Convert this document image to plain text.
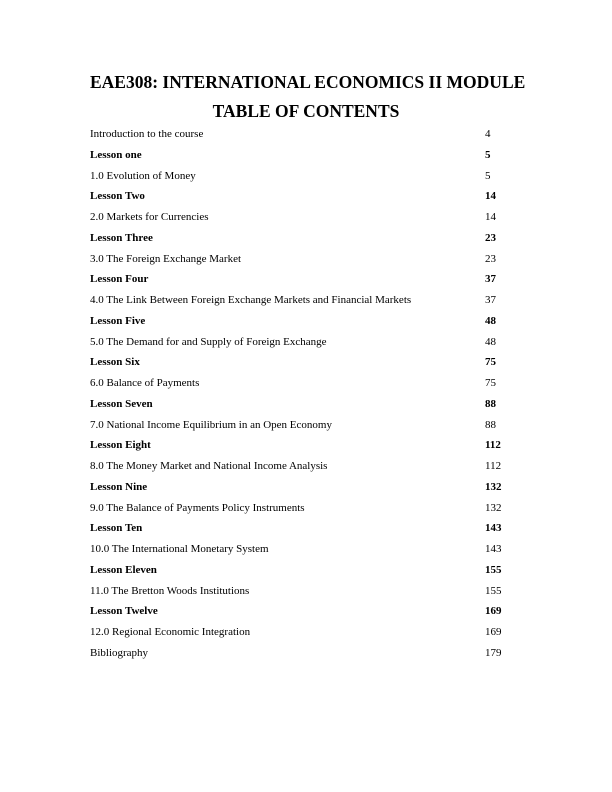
EAE308: INTERNATIONAL ECONOMICS II MODULE
TABLE OF CONTENTS
Introduction to the course	4
Lesson one	5
1.0 Evolution of Money	5
Lesson Two	14
2.0 Markets for Currencies	14
Lesson Three	23
3.0 The Foreign Exchange Market	23
Lesson Four	37
4.0 The Link Between Foreign Exchange Markets and Financial Markets	37
Lesson Five	48
5.0 The Demand for and Supply of Foreign Exchange	48
Lesson Six	75
6.0 Balance of Payments	75
Lesson Seven	88
7.0 National Income Equilibrium in an Open Economy	88
Lesson Eight	112
8.0 The Money Market and National Income Analysis	112
Lesson Nine	132
9.0 The Balance of Payments Policy Instruments	132
Lesson Ten	143
10.0 The International Monetary System	143
Lesson Eleven	155
11.0 The Bretton Woods Institutions	155
Lesson Twelve	169
12.0 Regional Economic Integration	169
Bibliography	179
